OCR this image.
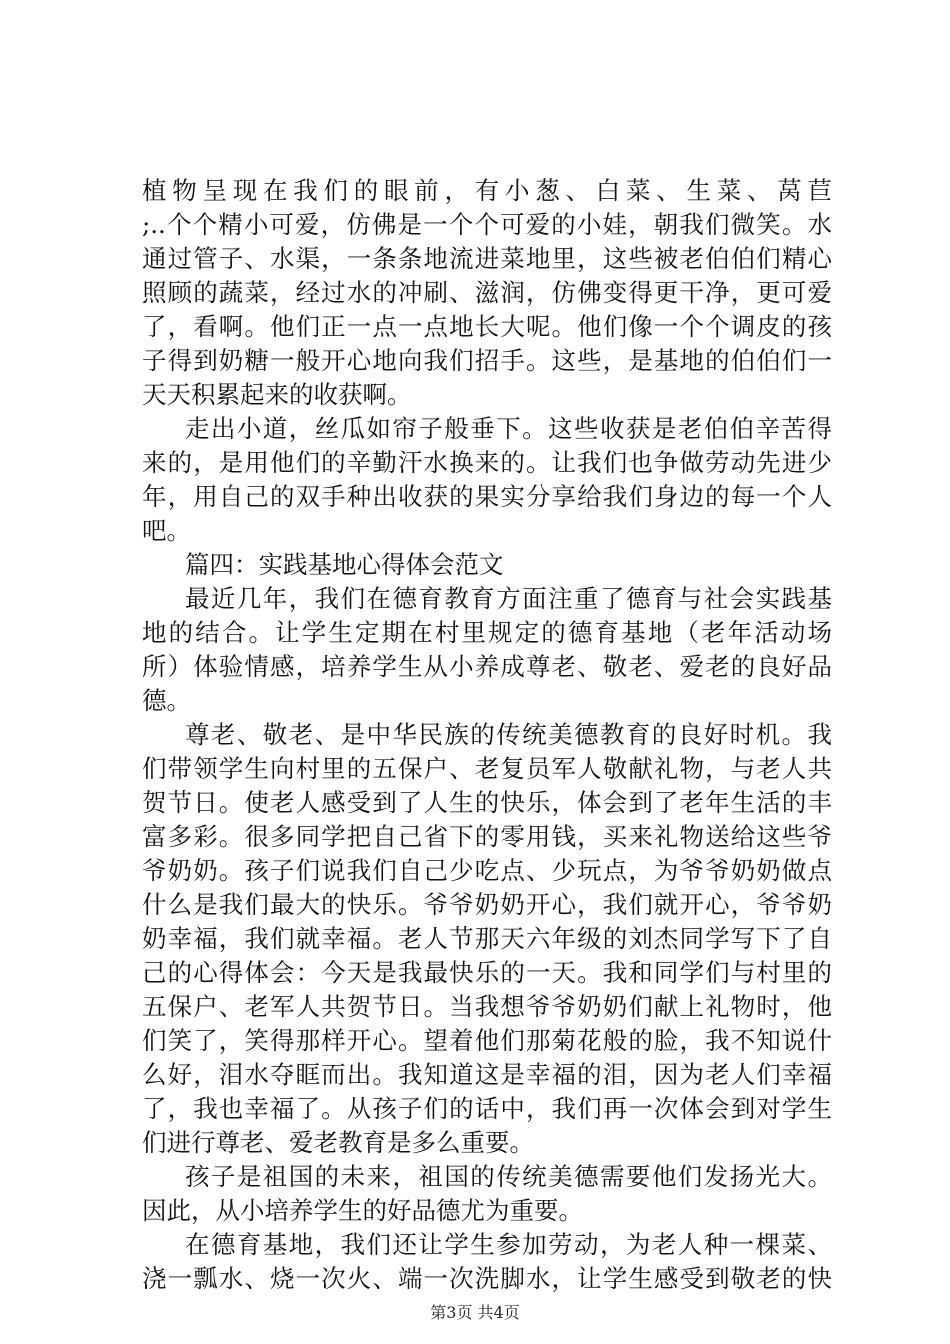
植物呈现在我们的眼前，有小葱、白菜、生菜、莴苣
;..个个精小可爱，仿佛是一个个可爱的小娃，朝我们微笑。水
通过管子、水渠，一条条地流进菜地里，这些被老伯伯们精心
照顾的蔬菜，经过水的冲刷、滋润，仿佛变得更干净，更可爱
了，看啊。他们正一点一点地长大呢。他们像一个个调皮的孩
子得到奶糖一般开心地向我们招手。这些，是基地的伯伯们一
天天积累起来的收获啊。
走出小道，丝瓜如帘子般垂下。这些收获是老伯伯辛苦得
来的，是用他们的辛勤汗水换来的。让我们也争做劳动先进少
年，用自己的双手种出收获的果实分享给我们身边的每一个人
吧。
篇四：实践基地心得体会范文
最近几年，我们在德育教育方面注重了德育与社会实践基
地的结合。让学生定期在村里规定的德育基地（老年活动场
所）体验情感，培养学生从小养成尊老、敬老、爱老的良好品
德。
尊老、敬老、是中华民族的传统美德教育的良好时机。我
们带领学生向村里的五保户、老复员军人敬献礼物，与老人共
贺节日。使老人感受到了人生的快乐，体会到了老年生活的丰
富多彩。很多同学把自己省下的零用钱，买来礼物送给这些爷
爷奶奶。孩子们说我们自己少吃点、少玩点，为爷爷奶奶做点
什么是我们最大的快乐。爷爷奶奶开心，我们就开心，爷爷奶
奶幸福，我们就幸福。老人节那天六年级的刘杰同学写下了自
己的心得体会：今天是我最快乐的一天。我和同学们与村里的
五保户、老军人共贺节日。当我想爷爷奶奶们献上礼物时，他
们笑了，笑得那样开心。望着他们那菊花般的脸，我不知说什
么好，泪水夺眶而出。我知道这是幸福的泪，因为老人们幸福
了，我也幸福了。从孩子们的话中，我们再一次体会到对学生
们进行尊老、爱老教育是多么重要。
孩子是祖国的未来，祖国的传统美德需要他们发扬光大。
因此，从小培养学生的好品德尤为重要。
在德育基地，我们还让学生参加劳动，为老人种一棵菜、
浇一瓢水、烧一次火、端一次洗脚水，让学生感受到敬老的快
第3页 共4页
